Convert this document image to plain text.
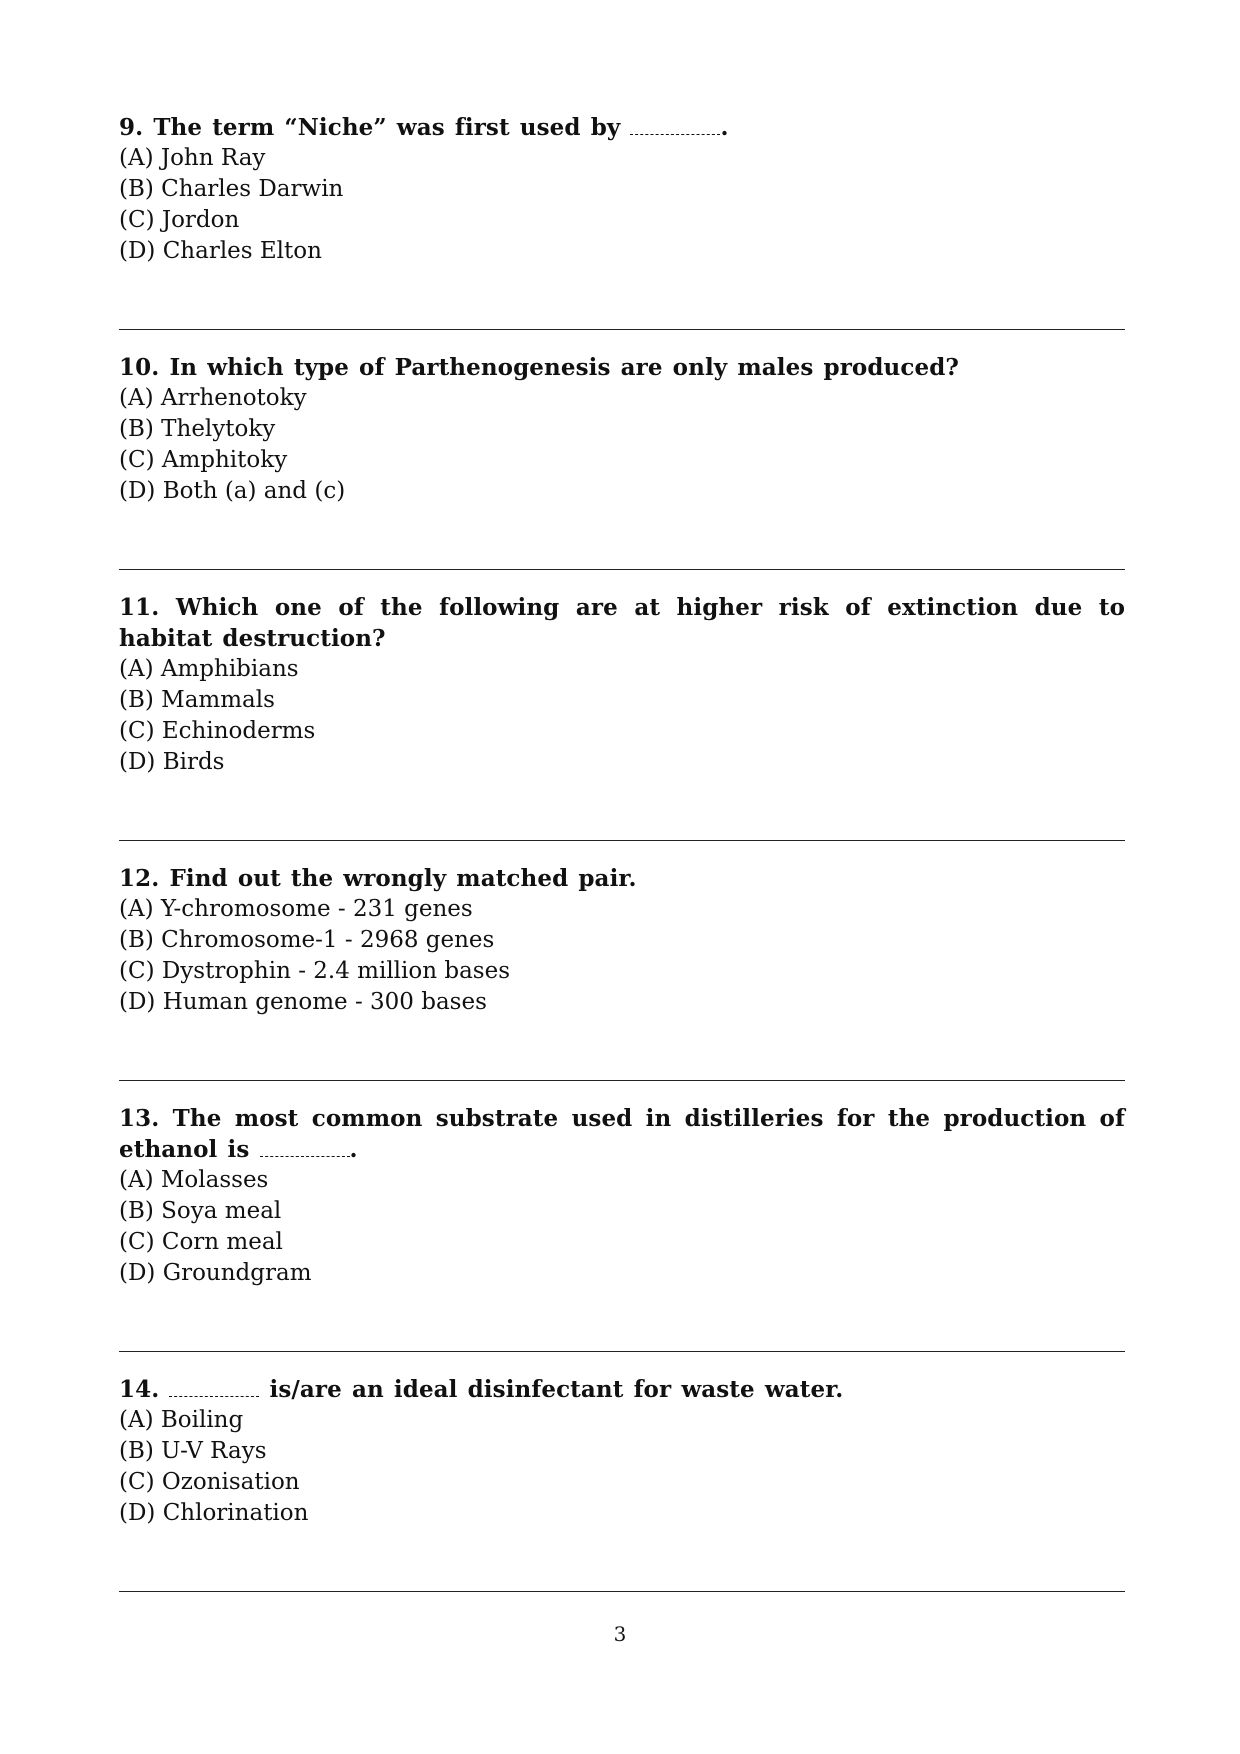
9. The term “Niche” was first used by	.
(A) John Ray
(B) Charles Darwin
(C) Jordon
(D) Charles Elton
10. In which type of Parthenogenesis are only males produced?
(A) Arrhenotoky
(B) Thelytoky
(C) Amphitoky
(D) Both (a) and (c)
11. Which one of the following are at higher risk of extinction due to habitat destruction?
(A) Amphibians
(B) Mammals
(C) Echinoderms
(D) Birds
12. Find out the wrongly matched pair.
(A) Y-chromosome - 231 genes
(B) Chromosome-1 - 2968 genes
(C) Dystrophin - 2.4 million bases
(D) Human genome - 300 bases
13. The most common substrate used in distilleries for the production of ethanol is	.
(A) Molasses
(B) Soya meal
(C) Corn meal
(D) Groundgram
14.	is/are an ideal disinfectant for waste water.
(A) Boiling
(B) U-V Rays
(C) Ozonisation
(D) Chlorination
3
